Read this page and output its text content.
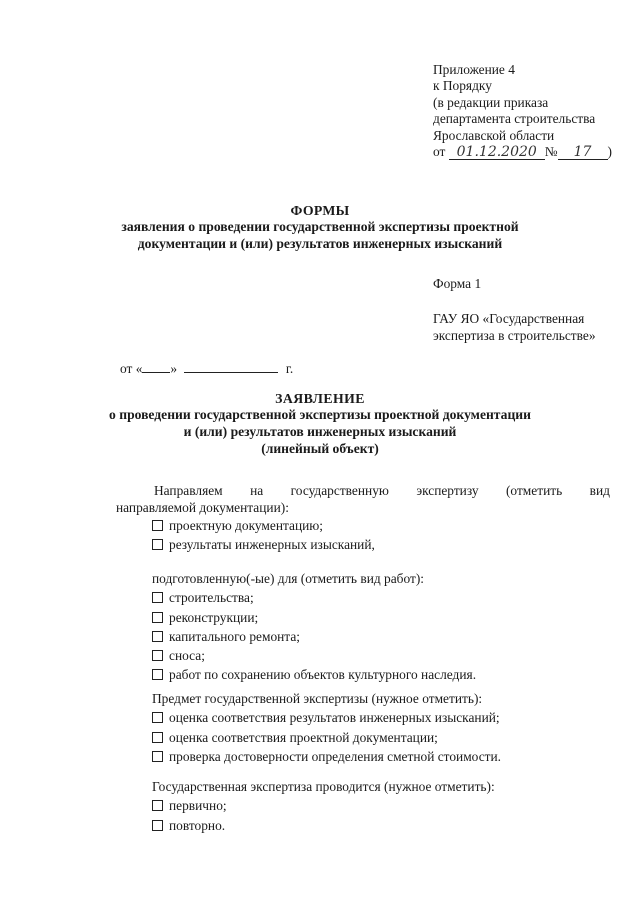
Приложение 4
к Порядку
(в редакции приказа
департамента строительства
Ярославской области
от 01.12.2020 № 17 )
ФОРМЫ
заявления о проведении государственной экспертизы проектной
документации и (или) результатов инженерных изысканий
Форма 1
ГАУ ЯО «Государственная
экспертиза в строительстве»
от « »	г.
ЗАЯВЛЕНИЕ
о проведении государственной экспертизы проектной документации
и (или) результатов инженерных изысканий
(линейный объект)
Направляем на государственную экспертизу (отметить вид
направляемой документации):
проектную документацию;
результаты инженерных изысканий,
подготовленную(-ые) для (отметить вид работ):
строительства;
реконструкции;
капитального ремонта;
сноса;
работ по сохранению объектов культурного наследия.
Предмет государственной экспертизы (нужное отметить):
оценка соответствия результатов инженерных изысканий;
оценка соответствия проектной документации;
проверка достоверности определения сметной стоимости.
Государственная экспертиза проводится (нужное отметить):
первично;
повторно.
